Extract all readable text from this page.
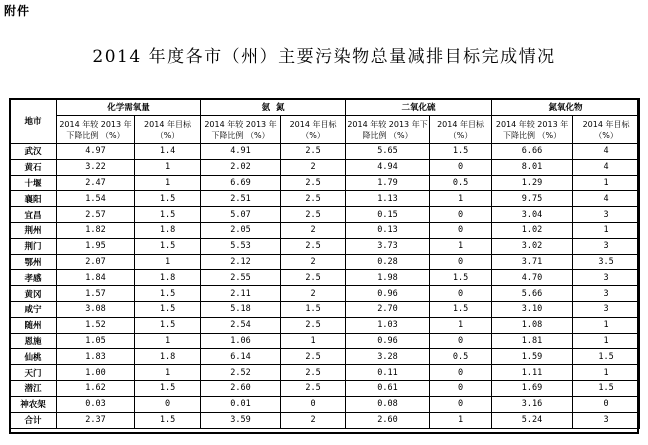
附件
2014 年度各市（州）主要污染物总量减排目标完成情况
地市	化学需氧量		氨  氮		二氧化硫		氮氧化物	
	2014 年较 2013 年下降比例 （%）	2014 年目标 （%）	2014 年较 2013 年下降比例 （%）	2014 年目标 （%）	2014 年较 2013 年下降比例 （%）	2014 年目标 （%）	2014 年较 2013 年下降比例 （%）	2014 年目标 （%）
武汉	4.97	1.4	4.91	2.5	5.65	1.5	6.66	4
黄石	3.22	1	2.02	2	4.94	0	8.01	4
十堰	2.47	1	6.69	2.5	1.79	0.5	1.29	1
襄阳	1.54	1.5	2.51	2.5	1.13	1	9.75	4
宜昌	2.57	1.5	5.07	2.5	0.15	0	3.04	3
荆州	1.82	1.8	2.05	2	0.13	0	1.02	1
荆门	1.95	1.5	5.53	2.5	3.73	1	3.02	3
鄂州	2.07	1	2.12	2	0.28	0	3.71	3.5
孝感	1.84	1.8	2.55	2.5	1.98	1.5	4.70	3
黄冈	1.57	1.5	2.11	2	0.96	0	5.66	3
咸宁	3.08	1.5	5.18	1.5	2.70	1.5	3.10	3
随州	1.52	1.5	2.54	2.5	1.03	1	1.08	1
恩施	1.05	1	1.06	1	0.96	0	1.81	1
仙桃	1.83	1.8	6.14	2.5	3.28	0.5	1.59	1.5
天门	1.00	1	2.52	2.5	0.11	0	1.11	1
潜江	1.62	1.5	2.60	2.5	0.61	0	1.69	1.5
神农架	0.03	0	0.01	0	0.08	0	3.16	0
合计	2.37	1.5	3.59	2	2.60	1	5.24	3
